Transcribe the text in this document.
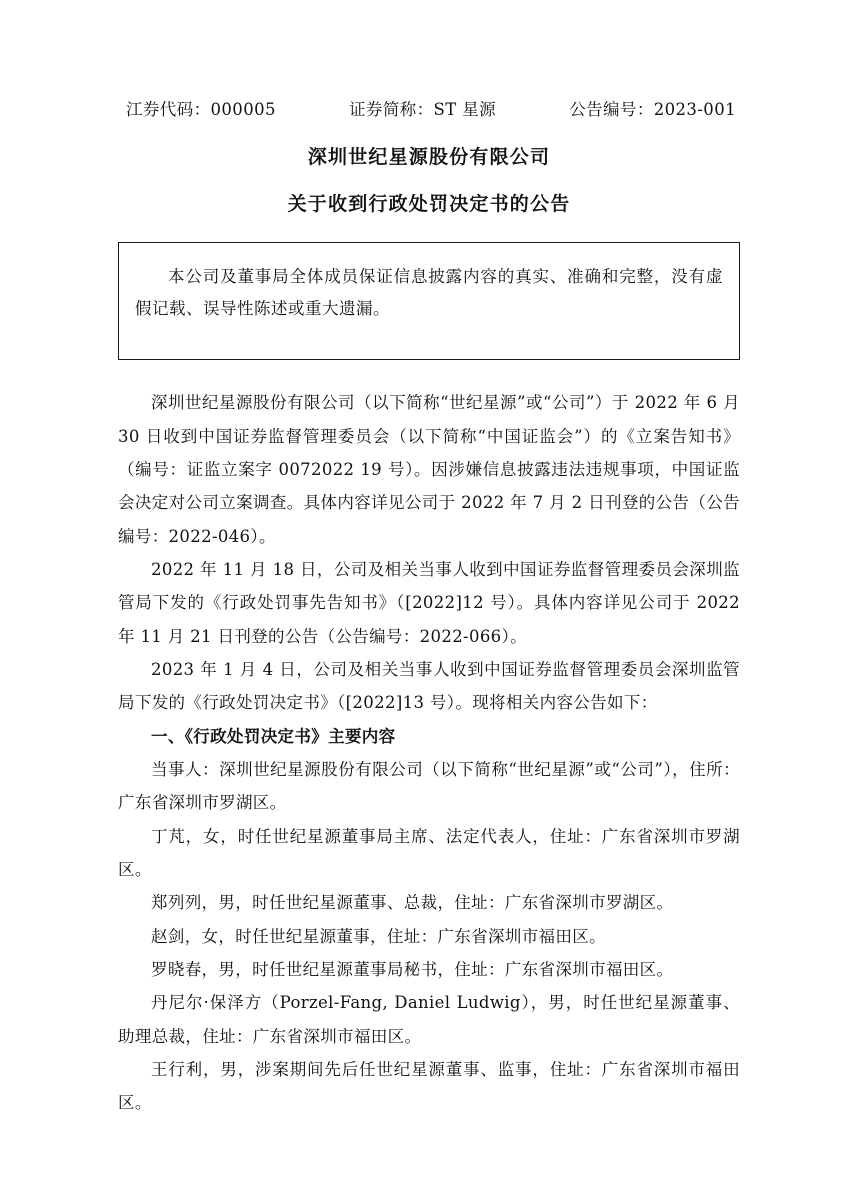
江券代码：000005	证券简称：ST 星源	公告编号：2023-001
深圳世纪星源股份有限公司
关于收到行政处罚决定书的公告
本公司及董事局全体成员保证信息披露内容的真实、准确和完整，没有虚假记载、误导性陈述或重大遗漏。

深圳世纪星源股份有限公司（以下简称“世纪星源”或“公司”）于 2022 年 6 月 30 日收到中国证券监督管理委员会（以下简称“中国证监会”）的《立案告知书》（编号：证监立案字 0072022 19 号）。因涉嫌信息披露违法违规事项，中国证监会决定对公司立案调查。具体内容详见公司于 2022 年 7 月 2 日刊登的公告（公告编号：2022-046）。

2022 年 11 月 18 日，公司及相关当事人收到中国证券监督管理委员会深圳监管局下发的《行政处罚事先告知书》（[2022]12 号）。具体内容详见公司于 2022 年 11 月 21 日刊登的公告（公告编号：2022-066）。

2023 年 1 月 4 日，公司及相关当事人收到中国证券监督管理委员会深圳监管局下发的《行政处罚决定书》（[2022]13 号）。现将相关内容公告如下：

一、《行政处罚决定书》主要内容

当事人：深圳世纪星源股份有限公司（以下简称“世纪星源”或“公司”），住所：广东省深圳市罗湖区。

丁芃，女，时任世纪星源董事局主席、法定代表人，住址：广东省深圳市罗湖区。

郑列列，男，时任世纪星源董事、总裁，住址：广东省深圳市罗湖区。

赵剑，女，时任世纪星源董事，住址：广东省深圳市福田区。

罗晓春，男，时任世纪星源董事局秘书，住址：广东省深圳市福田区。

丹尼尔·保泽方（Porzel-Fang, Daniel Ludwig），男，时任世纪星源董事、助理总裁，住址：广东省深圳市福田区。

王行利，男，涉案期间先后任世纪星源董事、监事，住址：广东省深圳市福田区。
